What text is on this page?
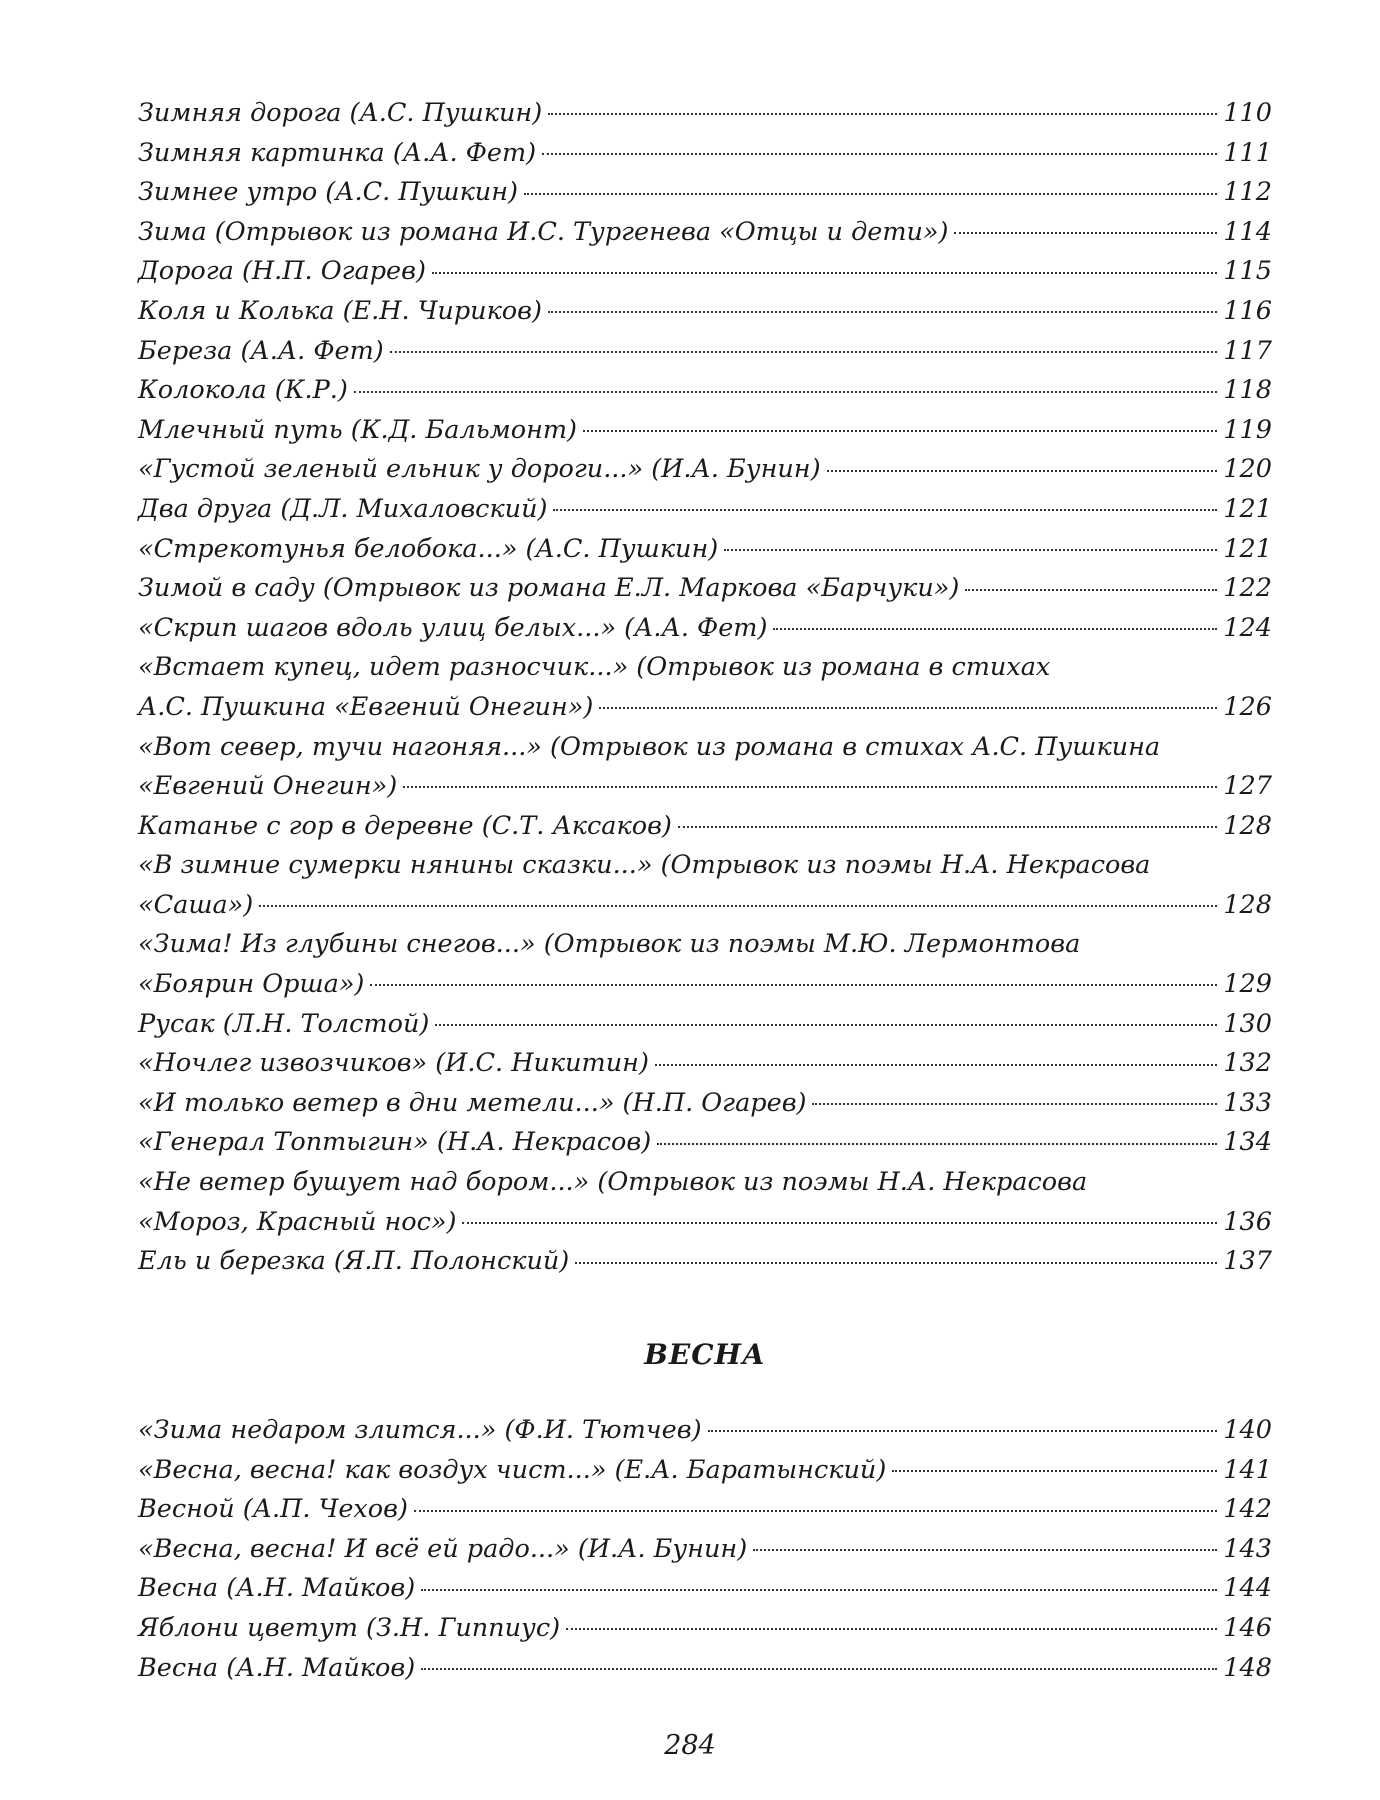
Зимняя дорога (А.С. Пушкин)	110
Зимняя картинка (А.А. Фет)	111
Зимнее утро (А.С. Пушкин)	112
Зима (Отрывок из романа И.С. Тургенева «Отцы и дети»)	114
Дорога (Н.П. Огарев)	115
Коля и Колька (Е.Н. Чириков)	116
Береза (А.А. Фет)	117
Колокола (К.Р.)	118
Млечный путь (К.Д. Бальмонт)	119
«Густой зеленый ельник у дороги...» (И.А. Бунин)	120
Два друга (Д.Л. Михаловский)	121
«Стрекотунья белобока...» (А.С. Пушкин)	121
Зимой в саду (Отрывок из романа Е.Л. Маркова «Барчуки»)	122
«Скрип шагов вдоль улиц белых...» (А.А. Фет)	124
«Встает купец, идет разносчик...» (Отрывок из романа в стихах
А.С. Пушкина «Евгений Онегин»)	126
«Вот север, тучи нагоняя...» (Отрывок из романа в стихах А.С. Пушкина
«Евгений Онегин»)	127
Катанье с гор в деревне (С.Т. Аксаков)	128
«В зимние сумерки нянины сказки...» (Отрывок из поэмы Н.А. Некрасова
«Саша»)	128
«Зима! Из глубины снегов...» (Отрывок из поэмы М.Ю. Лермонтова
«Боярин Орша»)	129
Русак (Л.Н. Толстой)	130
«Ночлег извозчиков» (И.С. Никитин)	132
«И только ветер в дни метели...» (Н.П. Огарев)	133
«Генерал Топтыгин» (Н.А. Некрасов)	134
«Не ветер бушует над бором...» (Отрывок из поэмы Н.А. Некрасова
«Мороз, Красный нос»)	136
Ель и березка (Я.П. Полонский)	137
ВЕСНА
«Зима недаром злится...» (Ф.И. Тютчев)	140
«Весна, весна! как воздух чист...» (Е.А. Баратынский)	141
Весной (А.П. Чехов)	142
«Весна, весна! И всё ей радо...» (И.А. Бунин)	143
Весна (А.Н. Майков)	144
Яблони цветут (З.Н. Гиппиус)	146
Весна (А.Н. Майков)	148
284
